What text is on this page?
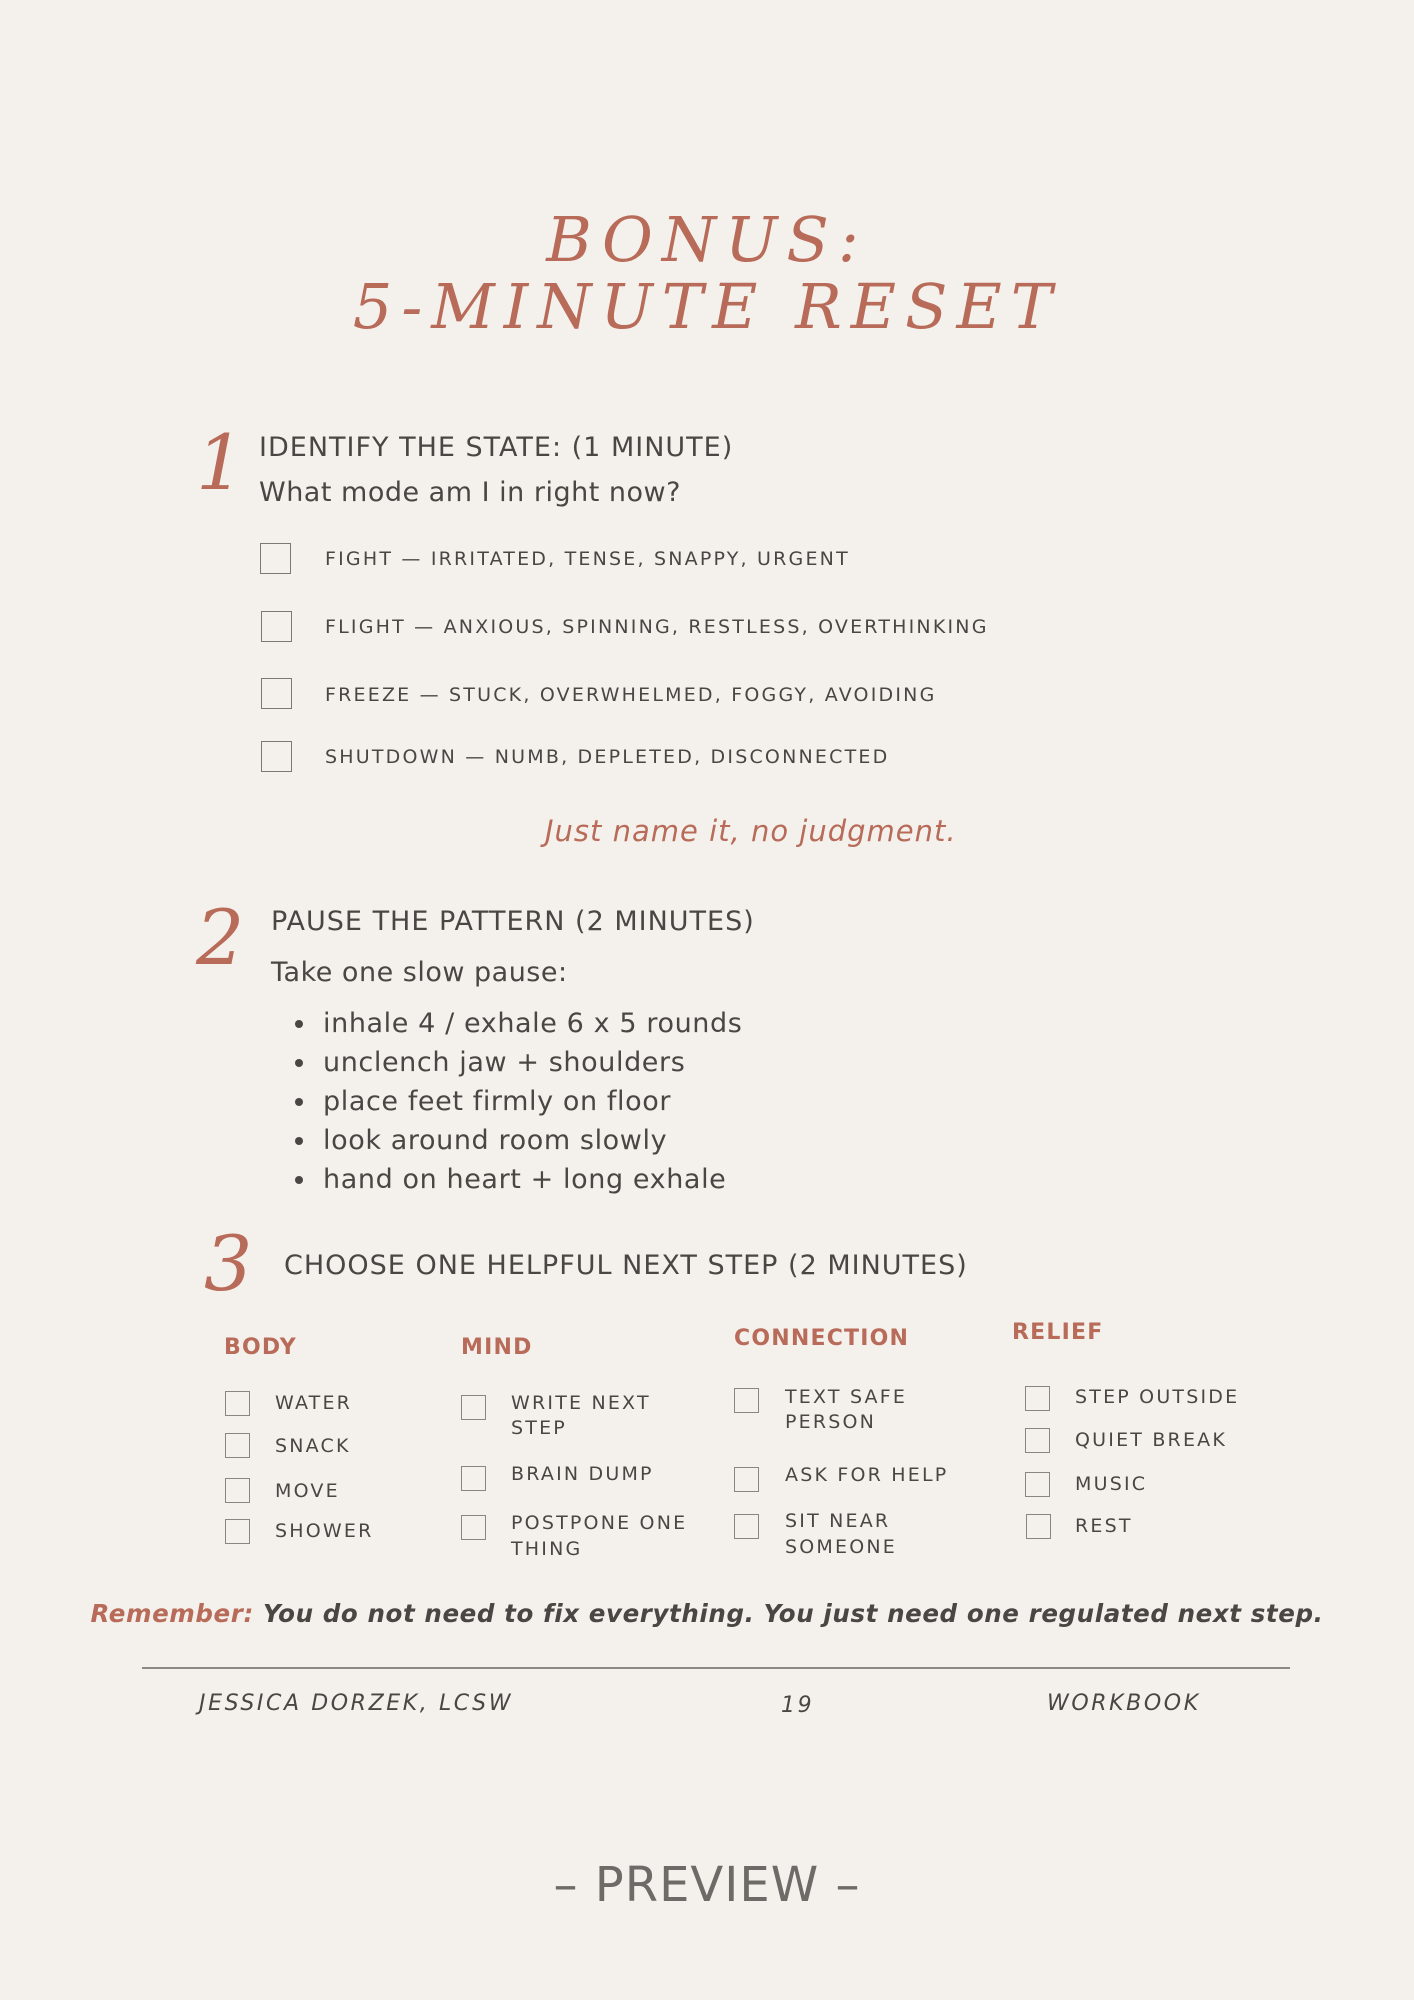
BONUS:
5-MINUTE RESET
1 IDENTIFY THE STATE: (1 MINUTE)
What mode am I in right now?
FIGHT — IRRITATED, TENSE, SNAPPY, URGENT
FLIGHT — ANXIOUS, SPINNING, RESTLESS, OVERTHINKING
FREEZE — STUCK, OVERWHELMED, FOGGY, AVOIDING
SHUTDOWN — NUMB, DEPLETED, DISCONNECTED
Just name it, no judgment.
2 PAUSE THE PATTERN (2 MINUTES)
Take one slow pause:
inhale 4 / exhale 6 x 5 rounds
unclench jaw + shoulders
place feet firmly on floor
look around room slowly
hand on heart + long exhale
3 CHOOSE ONE HELPFUL NEXT STEP (2 MINUTES)
BODY
WATER
SNACK
MOVE
SHOWER
MIND
WRITE NEXT
STEP
BRAIN DUMP
POSTPONE ONE
THING
CONNECTION
TEXT SAFE
PERSON
ASK FOR HELP
SIT NEAR
SOMEONE
RELIEF
STEP OUTSIDE
QUIET BREAK
MUSIC
REST
Remember: You do not need to fix everything. You just need one regulated next step.
JESSICA DORZEK, LCSW	19	WORKBOOK
– PREVIEW –
